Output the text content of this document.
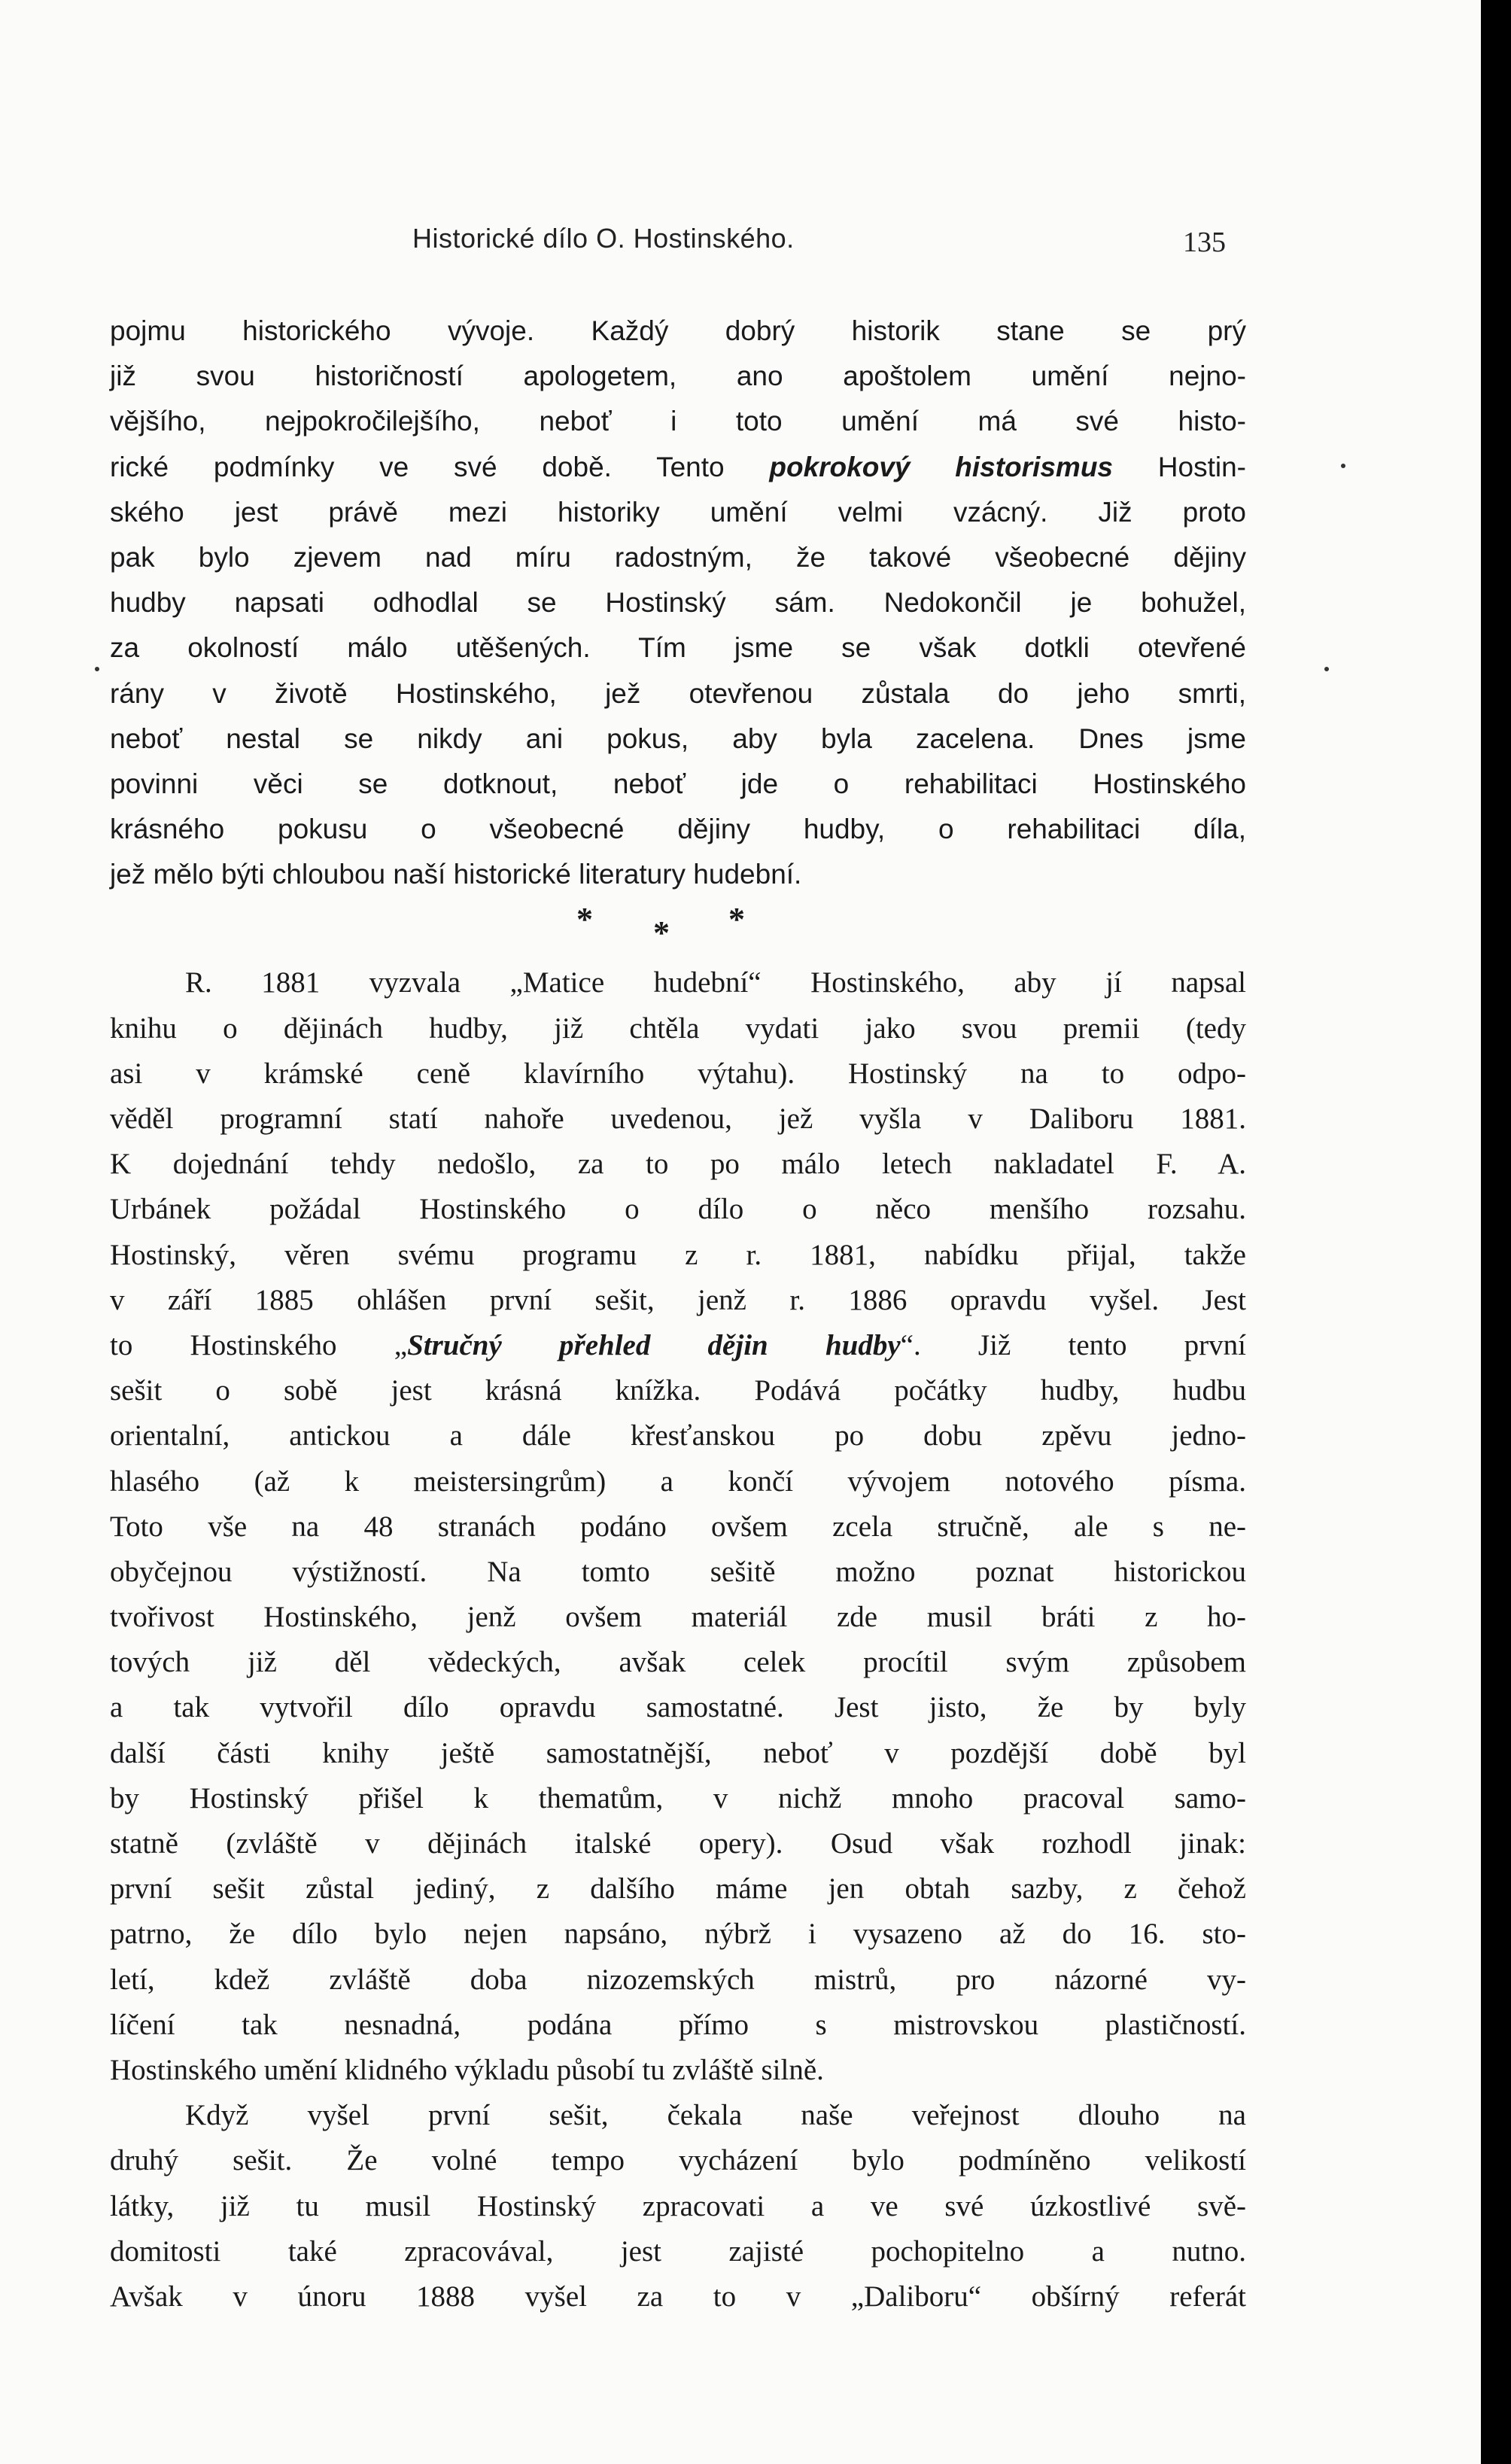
Historické dílo O. Hostinského.	135
pojmu historického vývoje. Každý dobrý historik stane se prý
již svou historičností apologetem, ano apoštolem umění nejno-
vějšího, nejpokročilejšího, neboť i toto umění má své histo-
rické podmínky ve své době. Tento pokrokový historismus Hostin-
ského jest právě mezi historiky umění velmi vzácný. Již proto
pak bylo zjevem nad míru radostným, že takové všeobecné dějiny
hudby napsati odhodlal se Hostinský sám. Nedokončil je bohužel,
za okolností málo utěšených. Tím jsme se však dotkli otevřené
rány v životě Hostinského, jež otevřenou zůstala do jeho smrti,
neboť nestal se nikdy ani pokus, aby byla zacelena. Dnes jsme
povinni věci se dotknout, neboť jde o rehabilitaci Hostinského
krásného pokusu o všeobecné dějiny hudby, o rehabilitaci díla,
jež mělo býti chloubou naší historické literatury hudební.
* * *
R. 1881 vyzvala „Matice hudební“ Hostinského, aby jí napsal
knihu o dějinách hudby, již chtěla vydati jako svou premii (tedy
asi v krámské ceně klavírního výtahu). Hostinský na to odpo-
věděl programní statí nahoře uvedenou, jež vyšla v Daliboru 1881.
K dojednání tehdy nedošlo, za to po málo letech nakladatel F. A.
Urbánek požádal Hostinského o dílo o něco menšího rozsahu.
Hostinský, věren svému programu z r. 1881, nabídku přijal, takže
v září 1885 ohlášen první sešit, jenž r. 1886 opravdu vyšel. Jest
to Hostinského „Stručný přehled dějin hudby“. Již tento první
sešit o sobě jest krásná knížka. Podává počátky hudby, hudbu
orientalní, antickou a dále křesťanskou po dobu zpěvu jedno-
hlasého (až k meistersingrům) a končí vývojem notového písma.
Toto vše na 48 stranách podáno ovšem zcela stručně, ale s ne-
obyčejnou výstižností. Na tomto sešitě možno poznat historickou
tvořivost Hostinského, jenž ovšem materiál zde musil bráti z ho-
tových již děl vědeckých, avšak celek procítil svým způsobem
a tak vytvořil dílo opravdu samostatné. Jest jisto, že by byly
další části knihy ještě samostatnější, neboť v pozdější době byl
by Hostinský přišel k thematům, v nichž mnoho pracoval samo-
statně (zvláště v dějinách italské opery). Osud však rozhodl jinak:
první sešit zůstal jediný, z dalšího máme jen obtah sazby, z čehož
patrno, že dílo bylo nejen napsáno, nýbrž i vysazeno až do 16. sto-
letí, kdež zvláště doba nizozemských mistrů, pro názorné vy-
líčení tak nesnadná, podána přímo s mistrovskou plastičností.
Hostinského umění klidného výkladu působí tu zvláště silně.
Když vyšel první sešit, čekala naše veřejnost dlouho na
druhý sešit. Že volné tempo vycházení bylo podmíněno velikostí
látky, již tu musil Hostinský zpracovati a ve své úzkostlivé svě-
domitosti také zpracovával, jest zajisté pochopitelno a nutno.
Avšak v únoru 1888 vyšel za to v „Daliboru“ obšírný referát
